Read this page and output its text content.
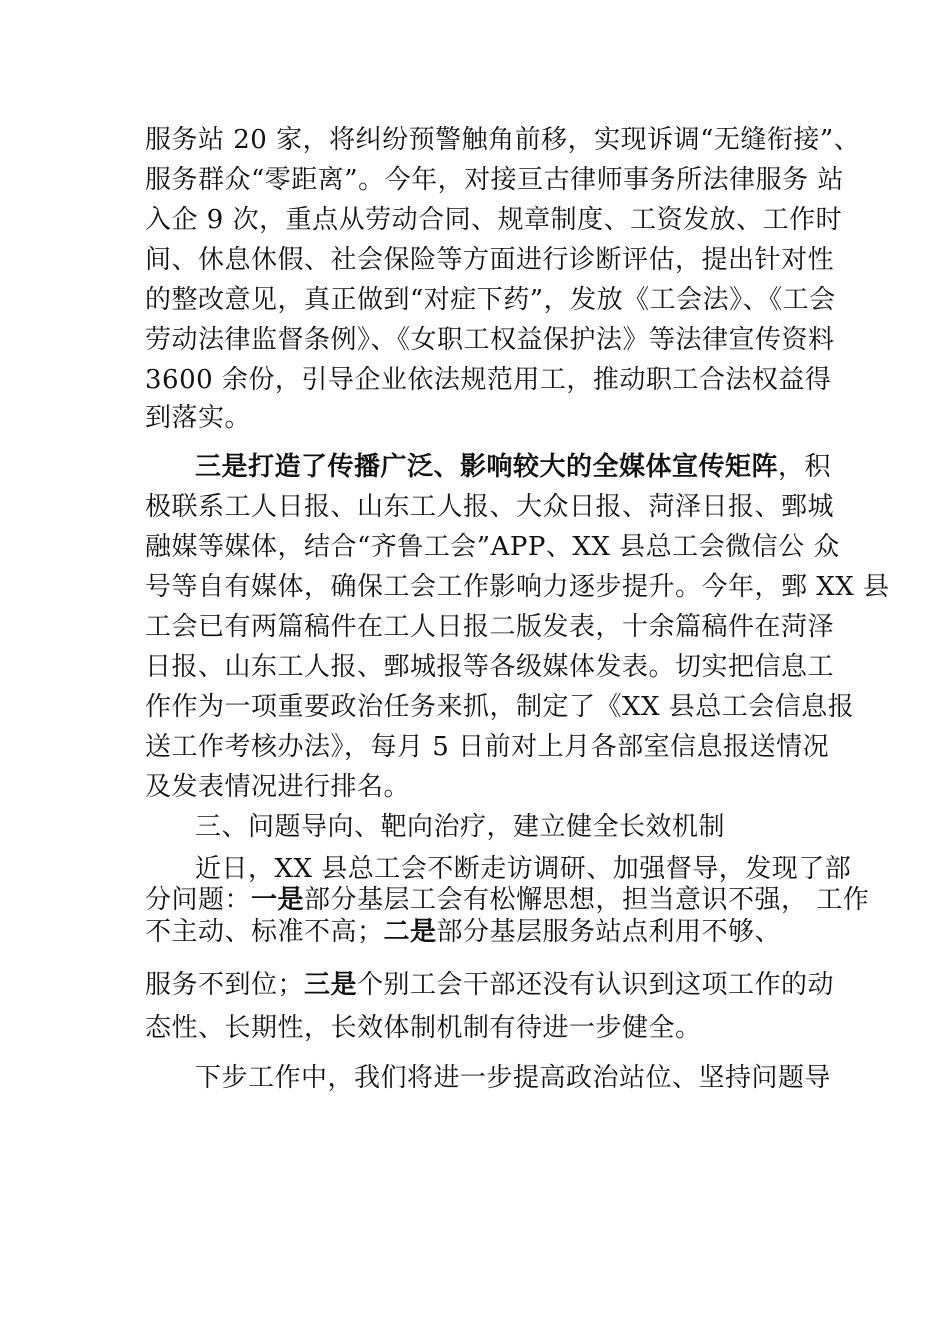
服务站 20 家，将纠纷预警触角前移，实现诉调“无缝衔接”、
服务群众“零距离”。今年，对接亘古律师事务所法律服务 站
入企 9 次，重点从劳动合同、规章制度、工资发放、工作时
间、休息休假、社会保险等方面进行诊断评估，提出针对性
的整改意见，真正做到“对症下药”，发放《工会法》、《工会
劳动法律监督条例》、《女职工权益保护法》等法律宣传资料
3600 余份，引导企业依法规范用工，推动职工合法权益得
到落实。
三是打造了传播广泛、影响较大的全媒体宣传矩阵，积
极联系工人日报、山东工人报、大众日报、菏泽日报、鄄城
融媒等媒体，结合“齐鲁工会”APP、XX 县总工会微信公 众
号等自有媒体，确保工会工作影响力逐步提升。今年，鄄 XX 县
工会已有两篇稿件在工人日报二版发表，十余篇稿件在菏泽
日报、山东工人报、鄄城报等各级媒体发表。切实把信息工
作作为一项重要政治任务来抓，制定了《XX 县总工会信息报
送工作考核办法》，每月 5 日前对上月各部室信息报送情况
及发表情况进行排名。
三、问题导向、靶向治疗，建立健全长效机制
近日，XX 县总工会不断走访调研、加强督导，发现了部
分问题：一是部分基层工会有松懈思想，担当意识不强， 工作
不主动、标准不高；二是部分基层服务站点利用不够、
服务不到位；三是个别工会干部还没有认识到这项工作的动
态性、长期性，长效体制机制有待进一步健全。
下步工作中，我们将进一步提高政治站位、坚持问题导
